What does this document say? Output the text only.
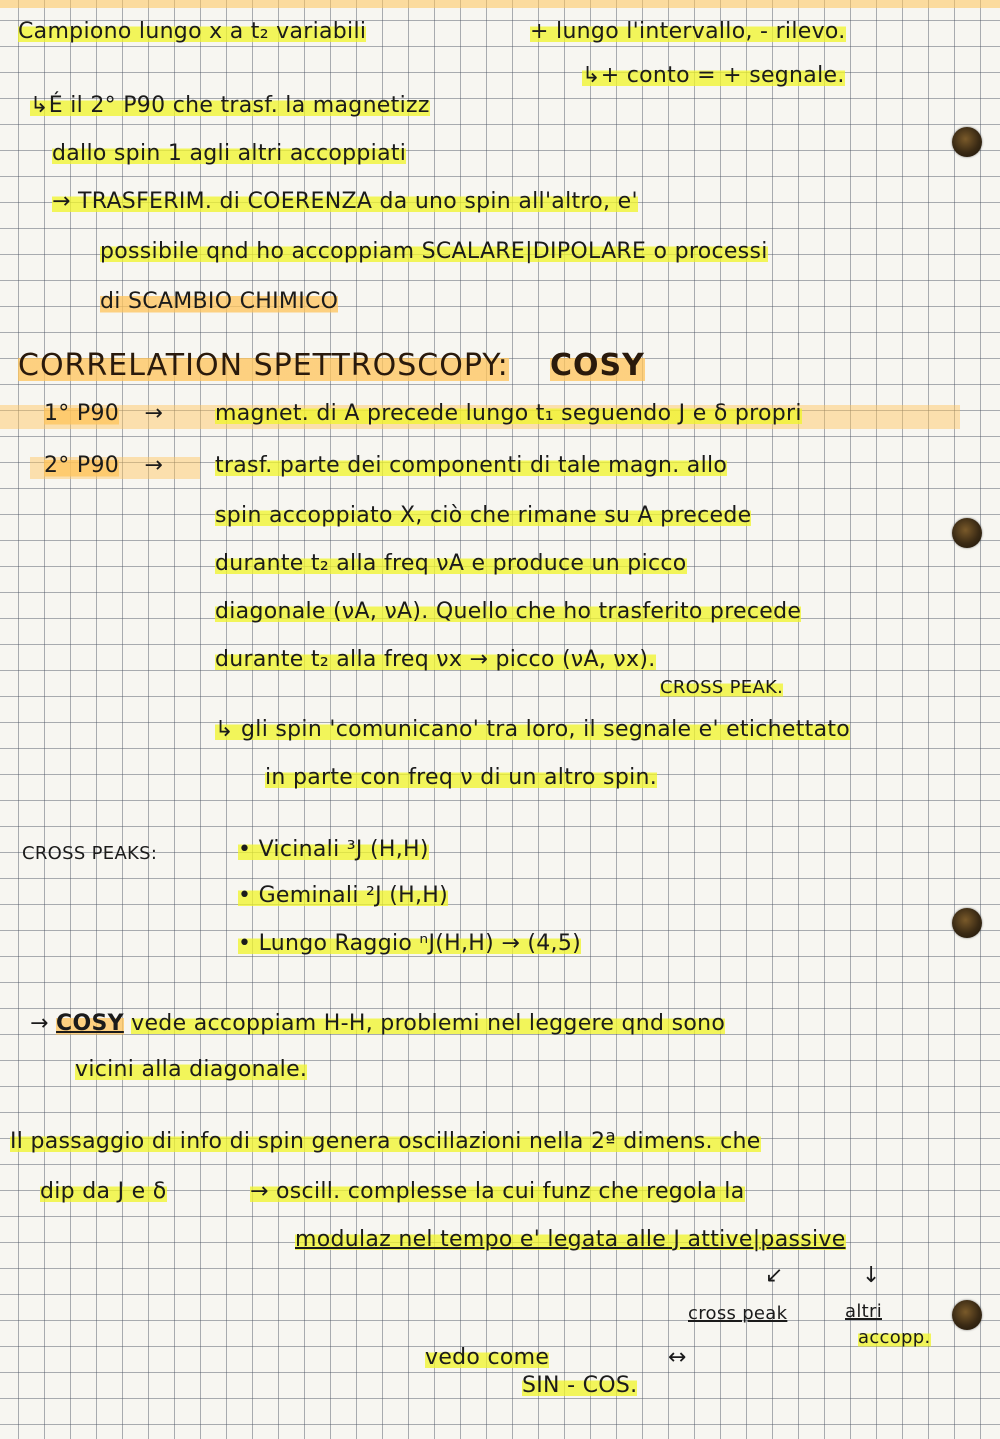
Campiono lungo x a t₂ variabili	+ lungo l'intervallo, - rilevo.
↳+ conto = + segnale.
↳É il 2° P90 che trasf. la magnetizz
dallo spin 1 agli altri accoppiati
→ TRASFERIM. di COERENZA da uno spin all'altro, e'
possibile qnd ho accoppiam SCALARE|DIPOLARE o processi
di SCAMBIO CHIMICO
CORRELATION SPETTROSCOPY: COSY
1° P90 → magnet. di A precede lungo t₁ seguendo J e δ propri
2° P90 → trasf. parte dei componenti di tale magn. allo
spin accoppiato X, ciò che rimane su A precede
durante t₂ alla freq νA e produce un picco
diagonale (νA, νA). Quello che ho trasferito precede
durante t₂ alla freq νx → picco (νA, νx).
CROSS PEAK.
↳ gli spin 'comunicano' tra loro, il segnale e' etichettato
in parte con freq ν di un altro spin.
CROSS PEAKS:	• Vicinali ³J (H,H)
• Geminali ²J (H,H)
• Lungo Raggio ⁿJ(H,H) → (4,5)
→ COSY vede accoppiam H-H, problemi nel leggere qnd sono
vicini alla diagonale.
Il passaggio di info di spin genera oscillazioni nella 2ª dimens. che
dip da J e δ	→ oscill. complesse la cui funz che regola la
modulaz nel tempo e' legata alle J attive|passive
↙	↓
cross peak	altri
accopp.
vedo come	↔
SIN - COS.
